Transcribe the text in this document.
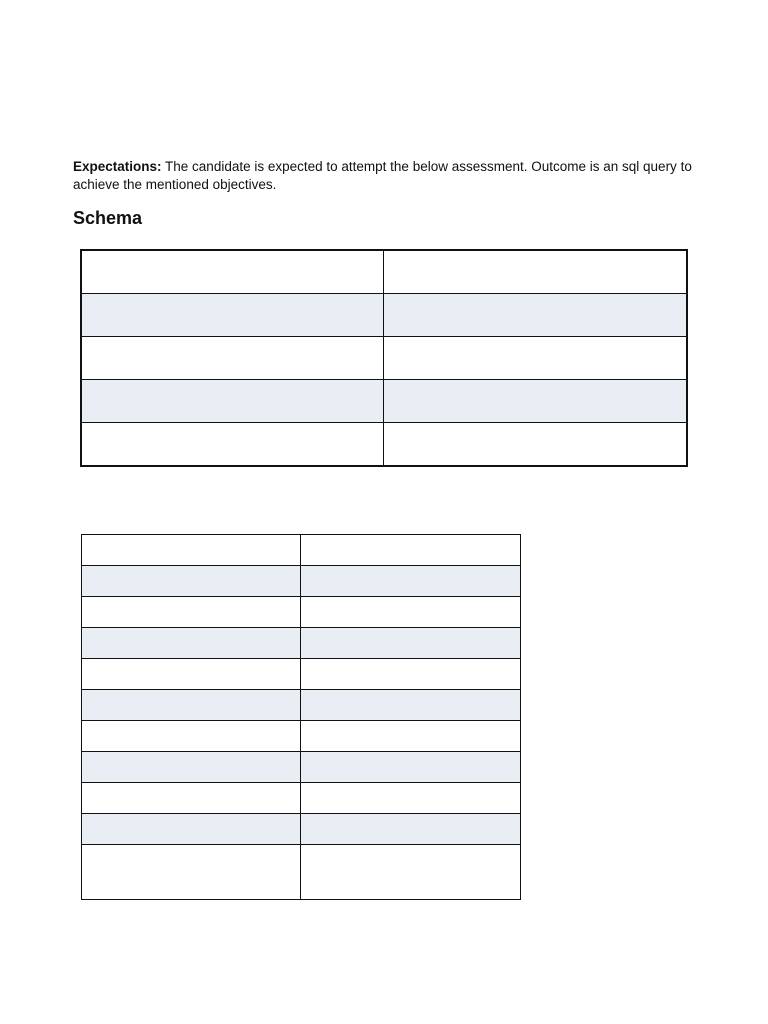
Expectations: The candidate is expected to attempt the below assessment. Outcome is an sql query to achieve the mentioned objectives.

Schema
